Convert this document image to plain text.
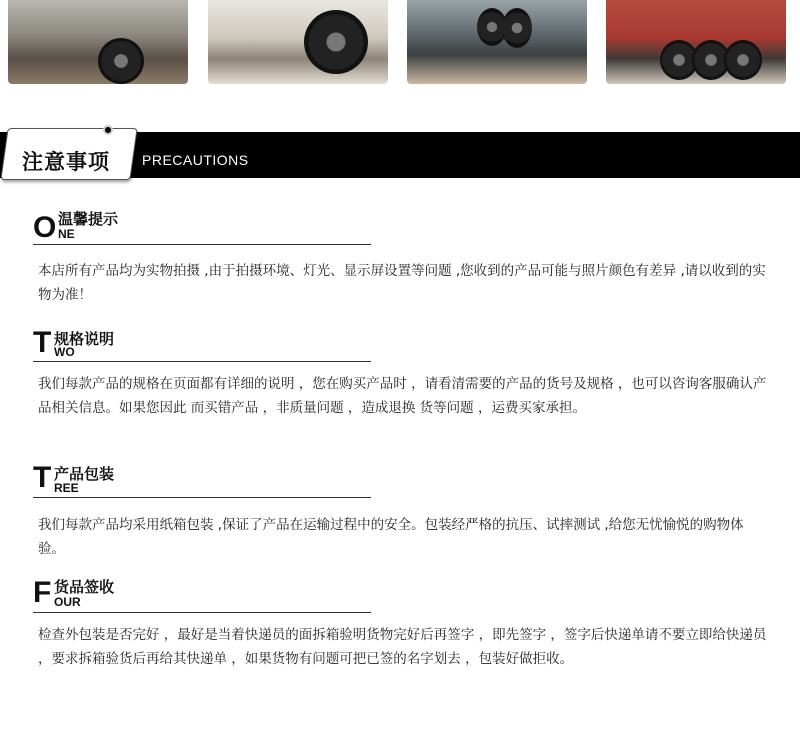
注意事项 PRECAUTIONS
O 温馨提示
NE
本店所有产品均为实物拍摄 ,由于拍摄环境、灯光、显示屏设置等问题 ,您收到的产品可能与照片颜色有差异 ,请以收到的实物为准！
T 规格说明
WO
我们每款产品的规格在页面都有详细的说明 ，您在购买产品时 ，请看清需要的产品的货号及规格 ，也可以咨询客服确认产品相关信息。如果您因此 而买错产品 ，非质量问题 ，造成退换 货等问题 ，运费买家承担。
T 产品包装
REE
我们每款产品均采用纸箱包装 ,保证了产品在运输过程中的安全。包装经严格的抗压、试摔测试 ,给您无忧愉悦的购物体验。
F 货品签收
OUR
检查外包装是否完好 ，最好是当着快递员的面拆箱验明货物完好后再签字 ，即先签字 ，签字后快递单请不要立即给快递员 ，要求拆箱验货后再给其快递单 ，如果货物有问题可把已签的名字划去 ，包装好做拒收。
